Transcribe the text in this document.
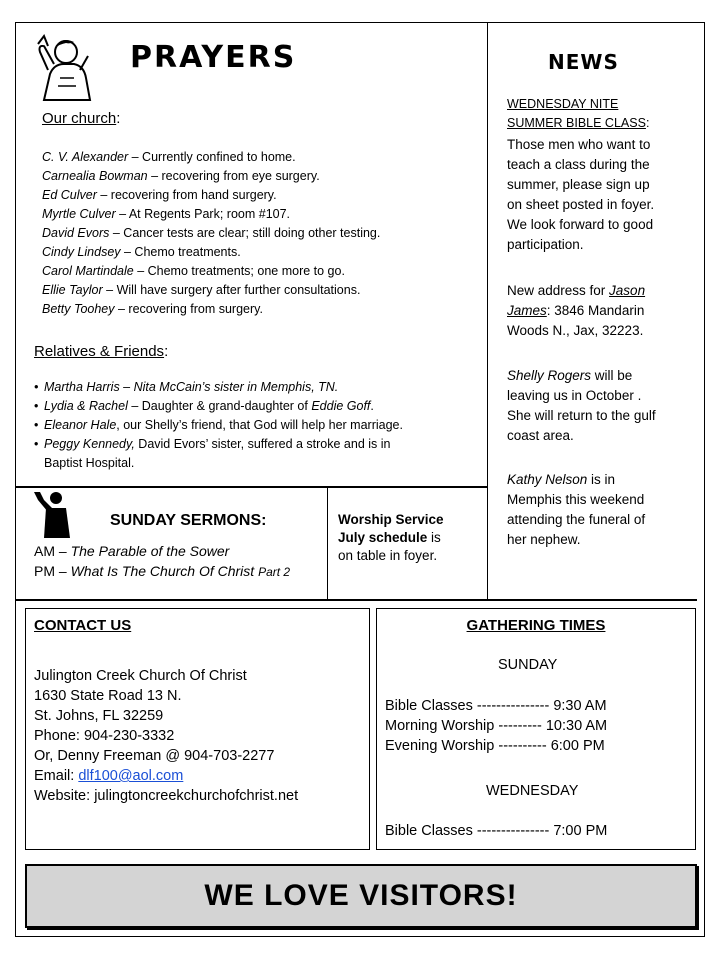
PRAYERS
Our church:
C. V. Alexander – Currently confined to home.
Carnealia Bowman – recovering from eye surgery.
Ed Culver – recovering from hand surgery.
Myrtle Culver – At Regents Park; room #107.
David Evors – Cancer tests are clear; still doing other testing.
Cindy Lindsey – Chemo treatments.
Carol Martindale – Chemo treatments; one more to go.
Ellie Taylor – Will have surgery after further consultations.
Betty Toohey – recovering from surgery.
Relatives & Friends:
• Martha Harris – Nita McCain’s sister in Memphis, TN.
• Lydia & Rachel – Daughter & grand-daughter of Eddie Goff.
• Eleanor Hale, our Shelly’s friend, that God will help her marriage.
• Peggy Kennedy, David Evors’ sister, suffered a stroke and is in
Baptist Hospital.
NEWS
WEDNESDAY NITE
SUMMER BIBLE CLASS:
Those men who want to
teach a class during the
summer, please sign up
on sheet posted in foyer.
We look forward to good
participation.
New address for Jason
James: 3846 Mandarin
Woods N., Jax, 32223.
Shelly Rogers will be
leaving us in October .
She will return to the gulf
coast area.
Kathy Nelson is in
Memphis this weekend
attending the funeral of
her nephew.
SUNDAY SERMONS:
AM – The Parable of the Sower
PM – What Is The Church Of Christ Part 2
Worship Service
July schedule is
on table in foyer.
CONTACT US
Julington Creek Church Of Christ
1630 State Road 13 N.
St. Johns, FL 32259
Phone: 904-230-3332
Or, Denny Freeman @ 904-703-2277
Email: dlf100@aol.com
Website: julingtoncreekchurchofchrist.net
GATHERING TIMES
SUNDAY
Bible Classes --------------- 9:30 AM
Morning Worship --------- 10:30 AM
Evening Worship ---------- 6:00 PM
WEDNESDAY
Bible Classes --------------- 7:00 PM
WE LOVE VISITORS!
